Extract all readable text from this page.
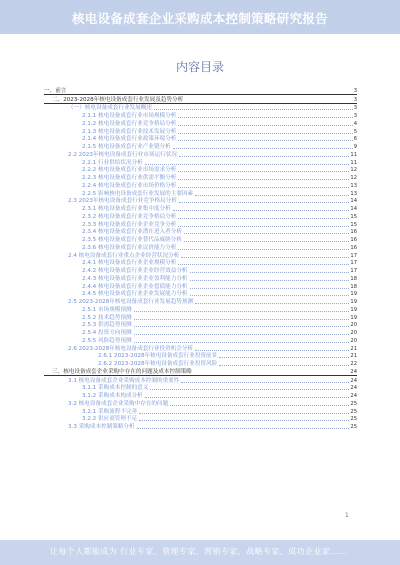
核电设备成套企业采购成本控制策略研究报告
内容目录
一、前言	3
二、2023-2028年核电设备成套行业发展及趋势分析	3
（一）核电设备成套行业发展概述	3
2.1.1 核电设备成套行业市场规模分析	3
2.1.2 核电设备成套行业竞争格局分析	4
2.1.3 核电设备成套行业技术发展分析	5
2.1.4 核电设备成套行业政策环境分析	6
2.1.5 核电设备成套行业产业链分析	9
2.2 2023年核电设备成套行业市场运行状况	11
2.2.1 行业供给状况分析	11
2.2.2 核电设备成套行业市场需求分析	12
2.2.3 核电设备成套行业供需平衡分析	12
2.2.4 核电设备成套行业市场价格分析	13
2.2.5 影响核电设备成套行业发展的主要因素	13
2.3 2023年核电设备成套行业竞争格局分析	14
2.3.1 核电设备成套行业集中度分析	14
2.3.2 核电设备成套行业竞争格局分析	15
2.3.3 核电设备成套行业企业竞争分析	15
2.3.4 核电设备成套行业潜在进入者分析	16
2.3.5 核电设备成套行业替代品威胁分析	16
2.3.6 核电设备成套行业议价能力分析	16
2.4 核电设备成套行业重点企业经营状况分析	17
2.4.1 核电设备成套行业企业规模分析	17
2.4.2 核电设备成套行业企业经营效益分析	17
2.4.3 核电设备成套行业企业盈利能力分析	18
2.4.4 核电设备成套行业企业偿债能力分析	18
2.4.5 核电设备成套行业企业发展能力分析	19
2.5 2023-2028年核电设备成套行业发展趋势预测	19
2.5.1 市场规模预测	19
2.5.2 技术趋势预测	19
2.5.3 供需趋势预测	20
2.5.4 投资方向预测	20
2.5.5 风险趋势预测	20
2.6 2023-2028年核电设备成套行业投资机会分析	21
2.6.1 2023-2028年核电设备成套行业投资前景	21
2.6.2 2023-2028年核电设备成套行业投资风险	22
三、核电设备成套企业采购中存在的问题及成本控制策略	24
3.1 核电设备成套企业采购成本控制的重要性	24
3.1.1 采购成本控制的意义	24
3.1.2 采购成本构成分析	24
3.2 核电设备成套企业采购中存在的问题	25
3.2.1 采购流程不完善	25
3.2.2 供应商管理不足	25
3.3 采购成本控制策略分析	25
1
让每个人都能成为 行业专家、管理专家、营销专家、战略专家、成功企业家......
